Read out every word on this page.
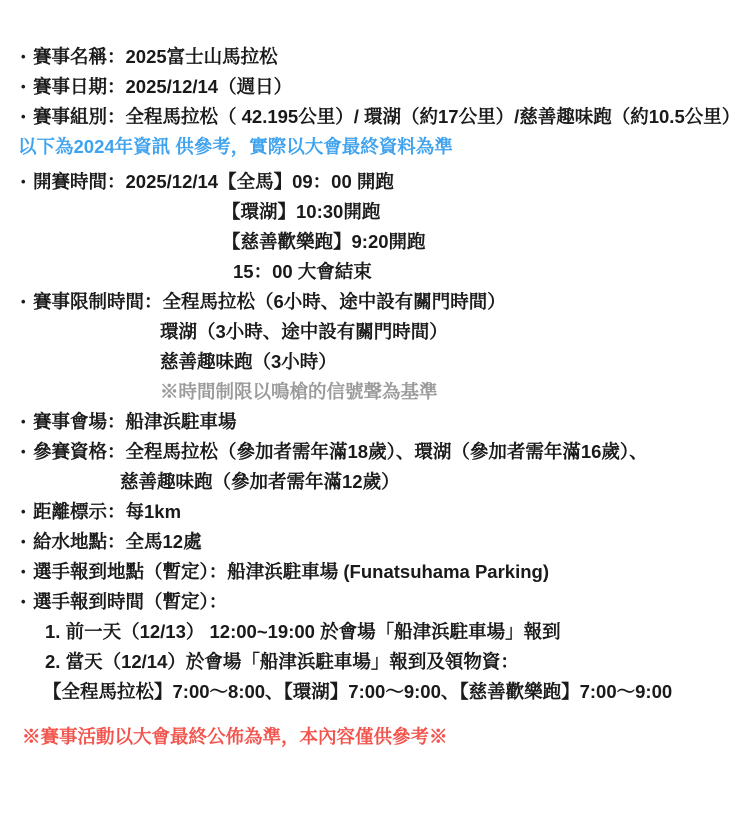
• 賽事名稱：2025富士山馬拉松
• 賽事日期：2025/12/14（週日）
• 賽事組別：全程馬拉松（ 42.195公里）/ 環湖（約17公里）/慈善趣味跑（約10.5公里）
以下為2024年資訊 供參考，實際以大會最終資料為準
• 開賽時間：2025/12/14【全馬】09：00 開跑
【環湖】10:30開跑
【慈善歡樂跑】9:20開跑
15：00 大會結束
• 賽事限制時間：全程馬拉松（6小時、途中設有關門時間）
環湖（3小時、途中設有關門時間）
慈善趣味跑（3小時）
※時間制限以鳴槍的信號聲為基準
• 賽事會場：船津浜駐車場
• 參賽資格：全程馬拉松（參加者需年滿18歲）、環湖（參加者需年滿16歲）、
慈善趣味跑（參加者需年滿12歲）
• 距離標示：每1km
• 給水地點：全馬12處
• 選手報到地點（暫定）：船津浜駐車場 (Funatsuhama Parking)
• 選手報到時間（暫定）：
1. 前一天（12/13） 12:00~19:00 於會場「船津浜駐車場」報到
2. 當天（12/14）於會場「船津浜駐車場」報到及領物資：
【全程馬拉松】7:00～8:00、【環湖】7:00～9:00、【慈善歡樂跑】7:00～9:00
※賽事活動以大會最終公佈為準，本內容僅供參考※
